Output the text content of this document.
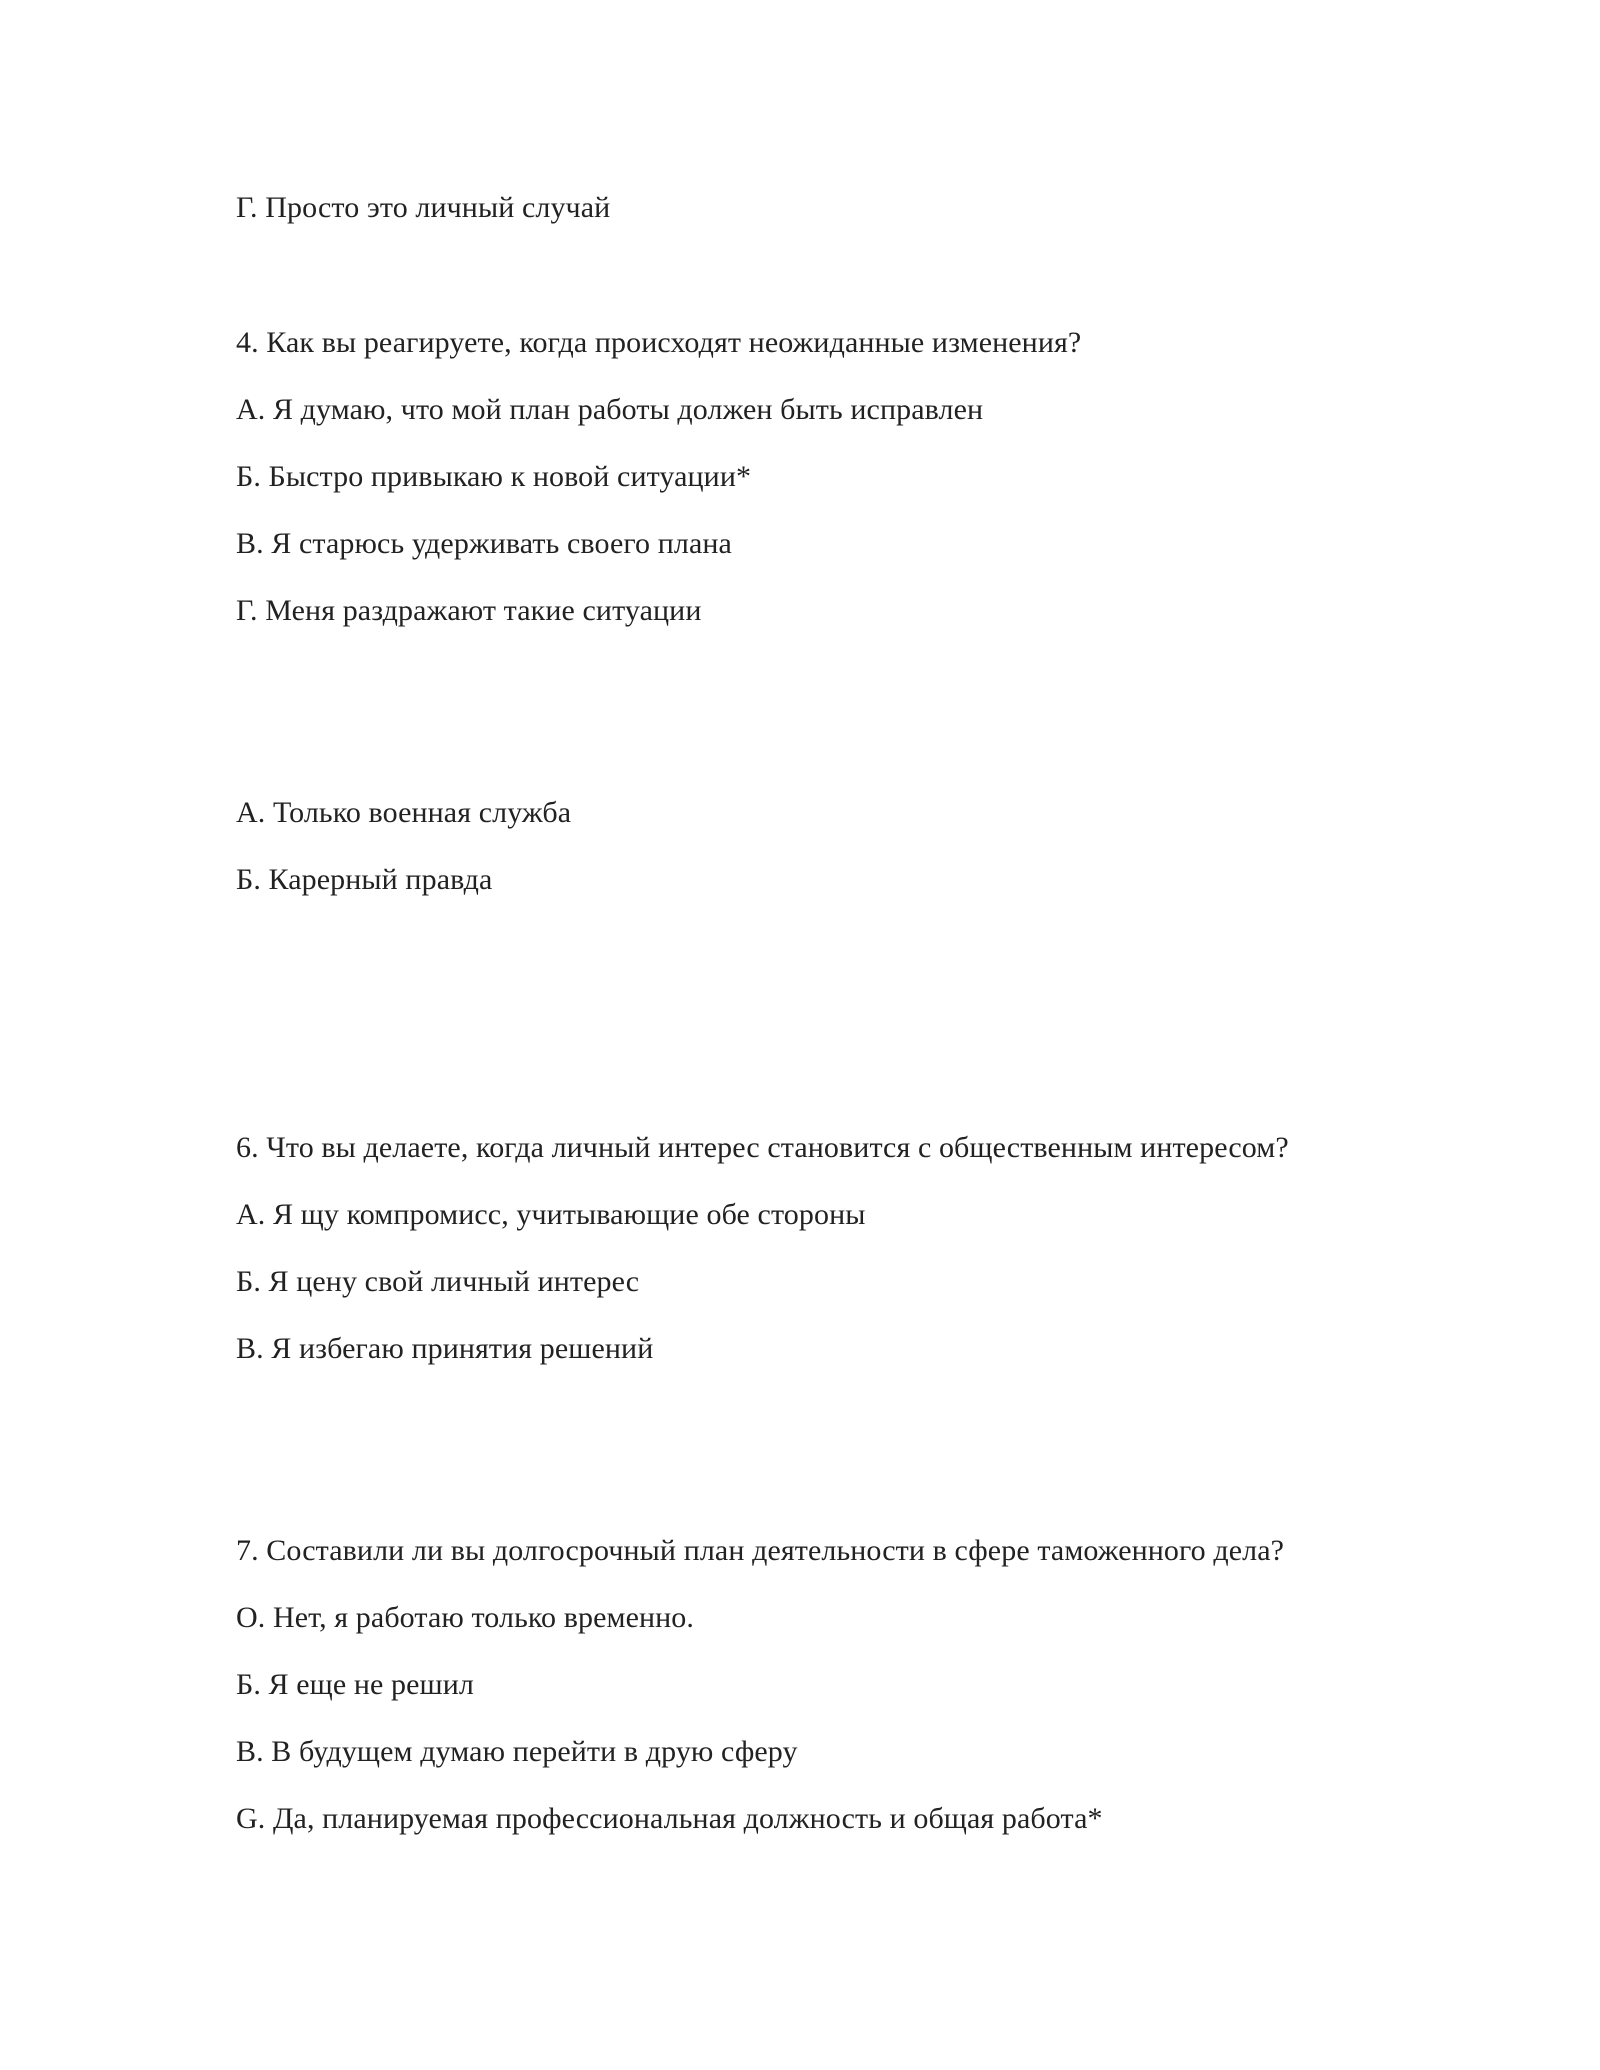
Г. Просто это личный случай
4. Как вы реагируете, когда происходят неожиданные изменения?
А. Я думаю, что мой план работы должен быть исправлен
Б. Быстро привыкаю к новой ситуации*
В. Я старюсь удерживать своего плана
Г. Меня раздражают такие ситуации
А. Только военная служба
Б. Карерный правда
6. Что вы делаете, когда личный интерес становится с общественным интересом?
А. Я щу компромисс, учитывающие обе стороны
Б. Я цену свой личный интерес
В. Я избегаю принятия решений
7. Составили ли вы долгосрочный план деятельности в сфере таможенного дела?
О. Нет, я работаю только временно.
Б. Я еще не решил
В. В будущем думаю перейти в друю сферу
G. Да, планируемая профессиональная должность и общая работа*
